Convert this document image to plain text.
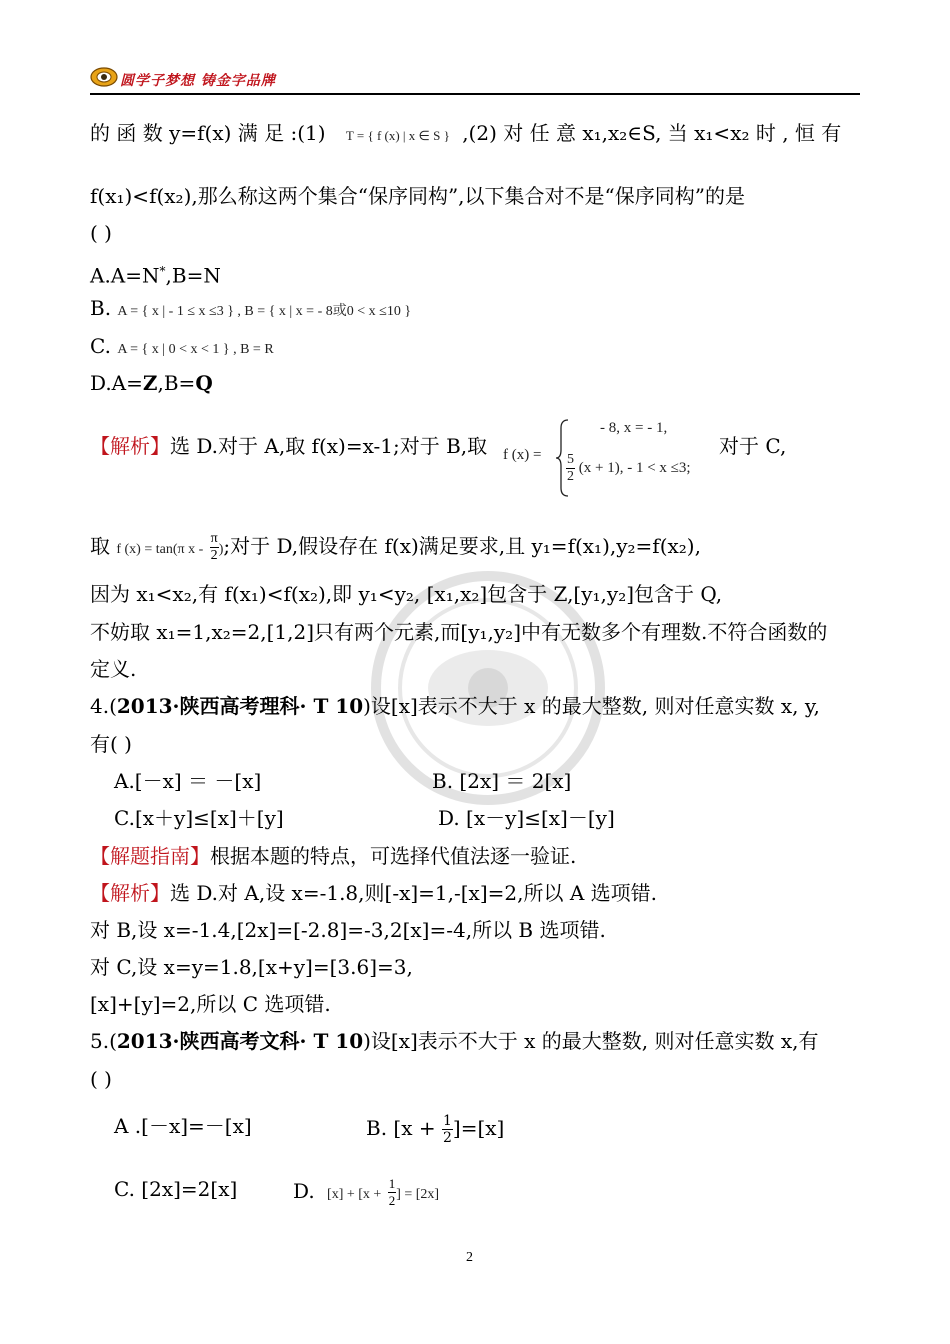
圆学子梦想 铸金字品牌
的 函 数 y=f(x) 满 足 :(1) T = { f (x) | x ∈ S } ,(2) 对 任 意 x₁,x₂∈S, 当 x₁<x₂ 时 , 恒 有
f(x₁)<f(x₂),那么称这两个集合“保序同构”,以下集合对不是“保序同构”的是
( )
A.A=N*,B=N
B. A = { x | - 1 ≤ x ≤3 } , B = { x | x = - 8或0 < x ≤10 }
C. A = { x | 0 < x < 1 } , B = R
D.A=Z,B=Q
【解析】选 D.对于 A,取 f(x)=x-1;对于 B,取 f (x) =
- 8, x = - 1,
$\frac{5}{2} (x + 1)$, - 1 < x ≤3;
对于 C,
取 f (x) = tan(π x - $\frac{\pi}{2}$ );对于 D,假设存在 f(x)满足要求,且 y₁=f(x₁),y₂=f(x₂),
因为 x₁<x₂,有 f(x₁)<f(x₂),即 y₁<y₂, [x₁,x₂]包含于 Z,[y₁,y₂]包含于 Q,
不妨取 x₁=1,x₂=2,[1,2]只有两个元素,而[y₁,y₂]中有无数多个有理数.不符合函数的
定义.
4.(2013·陕西高考理科· T 10)设[x]表示不大于 x 的最大整数, 则对任意实数 x, y,
有( )
A.[－x] ＝ －[x]	B. [2x] ＝ 2[x]
C.[x＋y]≤[x]＋[y]	D. [x－y]≤[x]－[y]
【解题指南】根据本题的特点，可选择代值法逐一验证.
【解析】选 D.对 A,设 x=-1.8,则[-x]=1,-[x]=2,所以 A 选项错.
对 B,设 x=-1.4,[2x]=[-2.8]=-3,2[x]=-4,所以 B 选项错.
对 C,设 x=y=1.8,[x+y]=[3.6]=3,
[x]+[y]=2,所以 C 选项错.
5.(2013·陕西高考文科· T 10)设[x]表示不大于 x 的最大整数, 则对任意实数 x,有
( )
A .[－x]=－[x]	B. $[x + \frac{1}{2} ]=[x]$
C. [2x]=2[x]	D. $[x] + [x + \frac{1}{2}$ ] = [2x]
2
